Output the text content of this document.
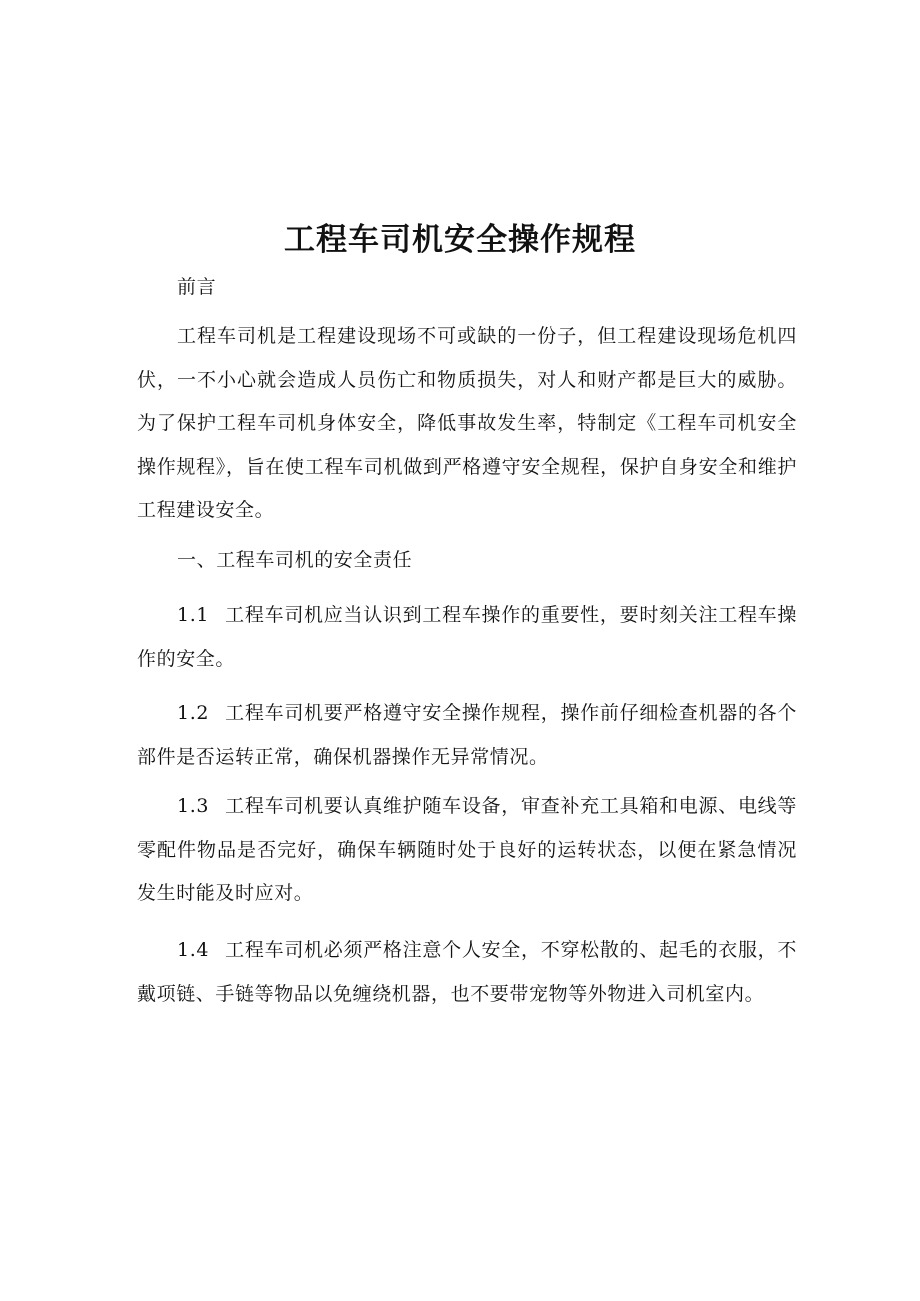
工程车司机安全操作规程

前言

工程车司机是工程建设现场不可或缺的一份子，但工程建设现场危机四伏，一不小心就会造成人员伤亡和物质损失，对人和财产都是巨大的威胁。为了保护工程车司机身体安全，降低事故发生率，特制定《工程车司机安全操作规程》，旨在使工程车司机做到严格遵守安全规程，保护自身安全和维护工程建设安全。

一、工程车司机的安全责任

1.1 工程车司机应当认识到工程车操作的重要性，要时刻关注工程车操作的安全。

1.2 工程车司机要严格遵守安全操作规程，操作前仔细检查机器的各个部件是否运转正常，确保机器操作无异常情况。

1.3 工程车司机要认真维护随车设备，审查补充工具箱和电源、电线等零配件物品是否完好，确保车辆随时处于良好的运转状态，以便在紧急情况发生时能及时应对。

1.4 工程车司机必须严格注意个人安全，不穿松散的、起毛的衣服，不戴项链、手链等物品以免缠绕机器，也不要带宠物等外物进入司机室内。
